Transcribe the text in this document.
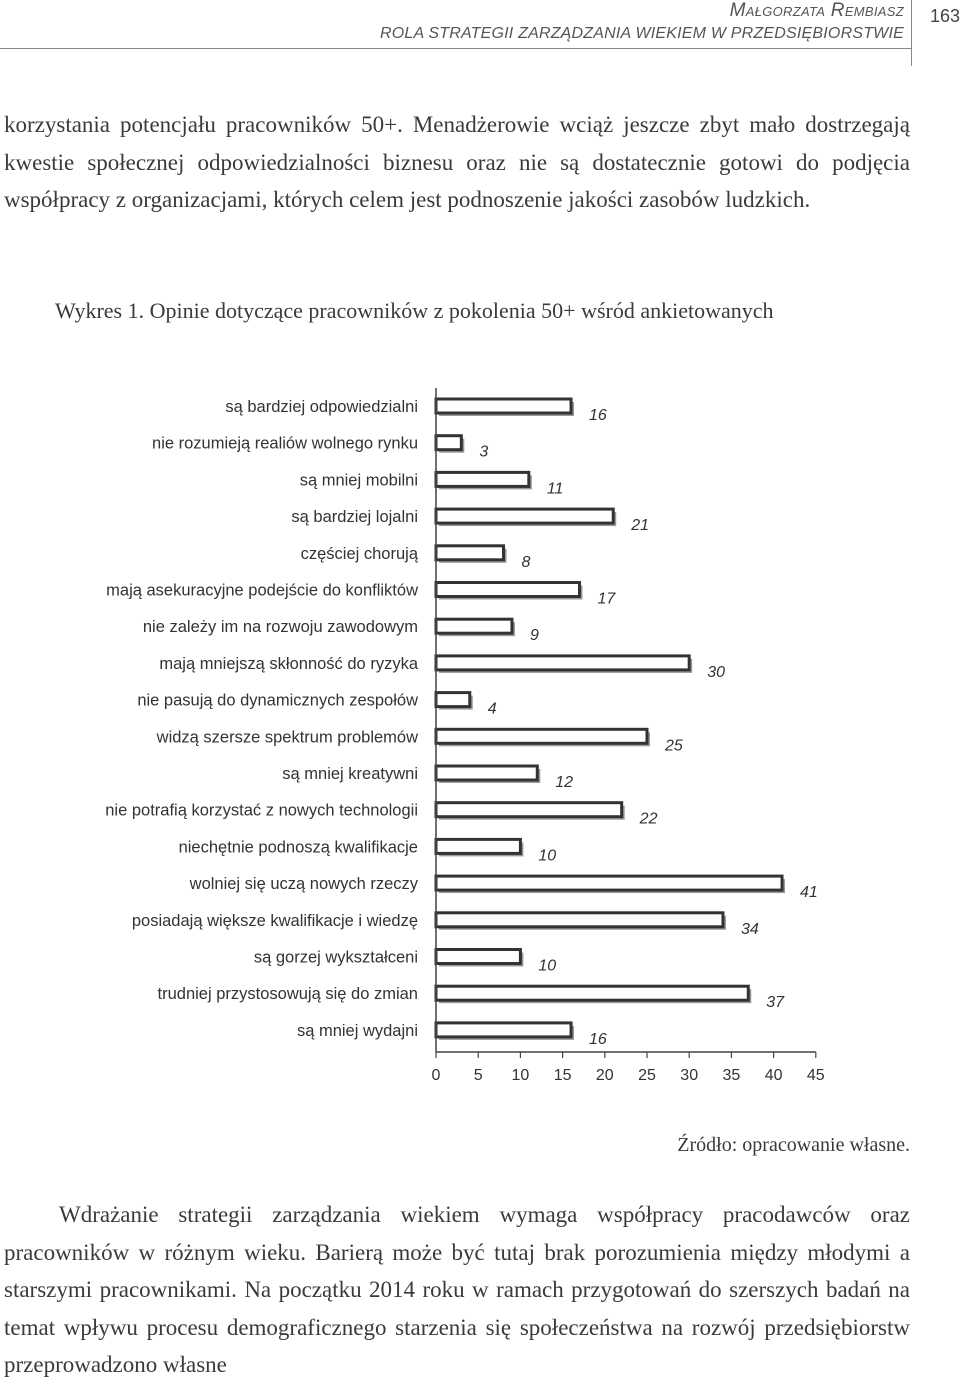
Małgorzata Rembiasz
ROLA STRATEGII ZARZĄDZANIA WIEKIEM W PRZEDSIĘBIORSTWIE
163
korzystania potencjału pracowników 50+. Menadżerowie wciąż jeszcze zbyt mało dostrzegają kwestie społecznej odpowiedzialności biznesu oraz nie są dostatecznie gotowi do podjęcia współpracy z organizacjami, których celem jest podnoszenie jakości zasobów ludzkich.
Wykres 1. Opinie dotyczące pracowników z pokolenia 50+ wśród ankietowanych
są bardziej odpowiedzialni	16
nie rozumieją realiów wolnego rynku	3
są mniej mobilni	11
są bardziej lojalni	21
częściej chorują	8
mają asekuracyjne podejście do konfliktów	17
nie zależy im na rozwoju zawodowym	9
mają mniejszą skłonność do ryzyka	30
nie pasują do dynamicznych zespołów	4
widzą szersze spektrum problemów	25
są mniej kreatywni	12
nie potrafią korzystać z nowych technologii	22
niechętnie podnoszą kwalifikacje	10
wolniej się uczą nowych rzeczy	41
posiadają większe kwalifikacje i wiedzę	34
są gorzej wykształceni	10
trudniej przystosowują się do zmian	37
są mniej wydajni	16
0 5 10 15 20 25 30 35 40 45
Źródło: opracowanie własne.
Wdrażanie strategii zarządzania wiekiem wymaga współpracy pracodawców oraz pracowników w różnym wieku. Barierą może być tutaj brak porozumienia między młodymi a starszymi pracownikami. Na początku 2014 roku w ramach przygotowań do szerszych badań na temat wpływu procesu demograficznego starzenia się społeczeństwa na rozwój przedsiębiorstw przeprowadzono własne
